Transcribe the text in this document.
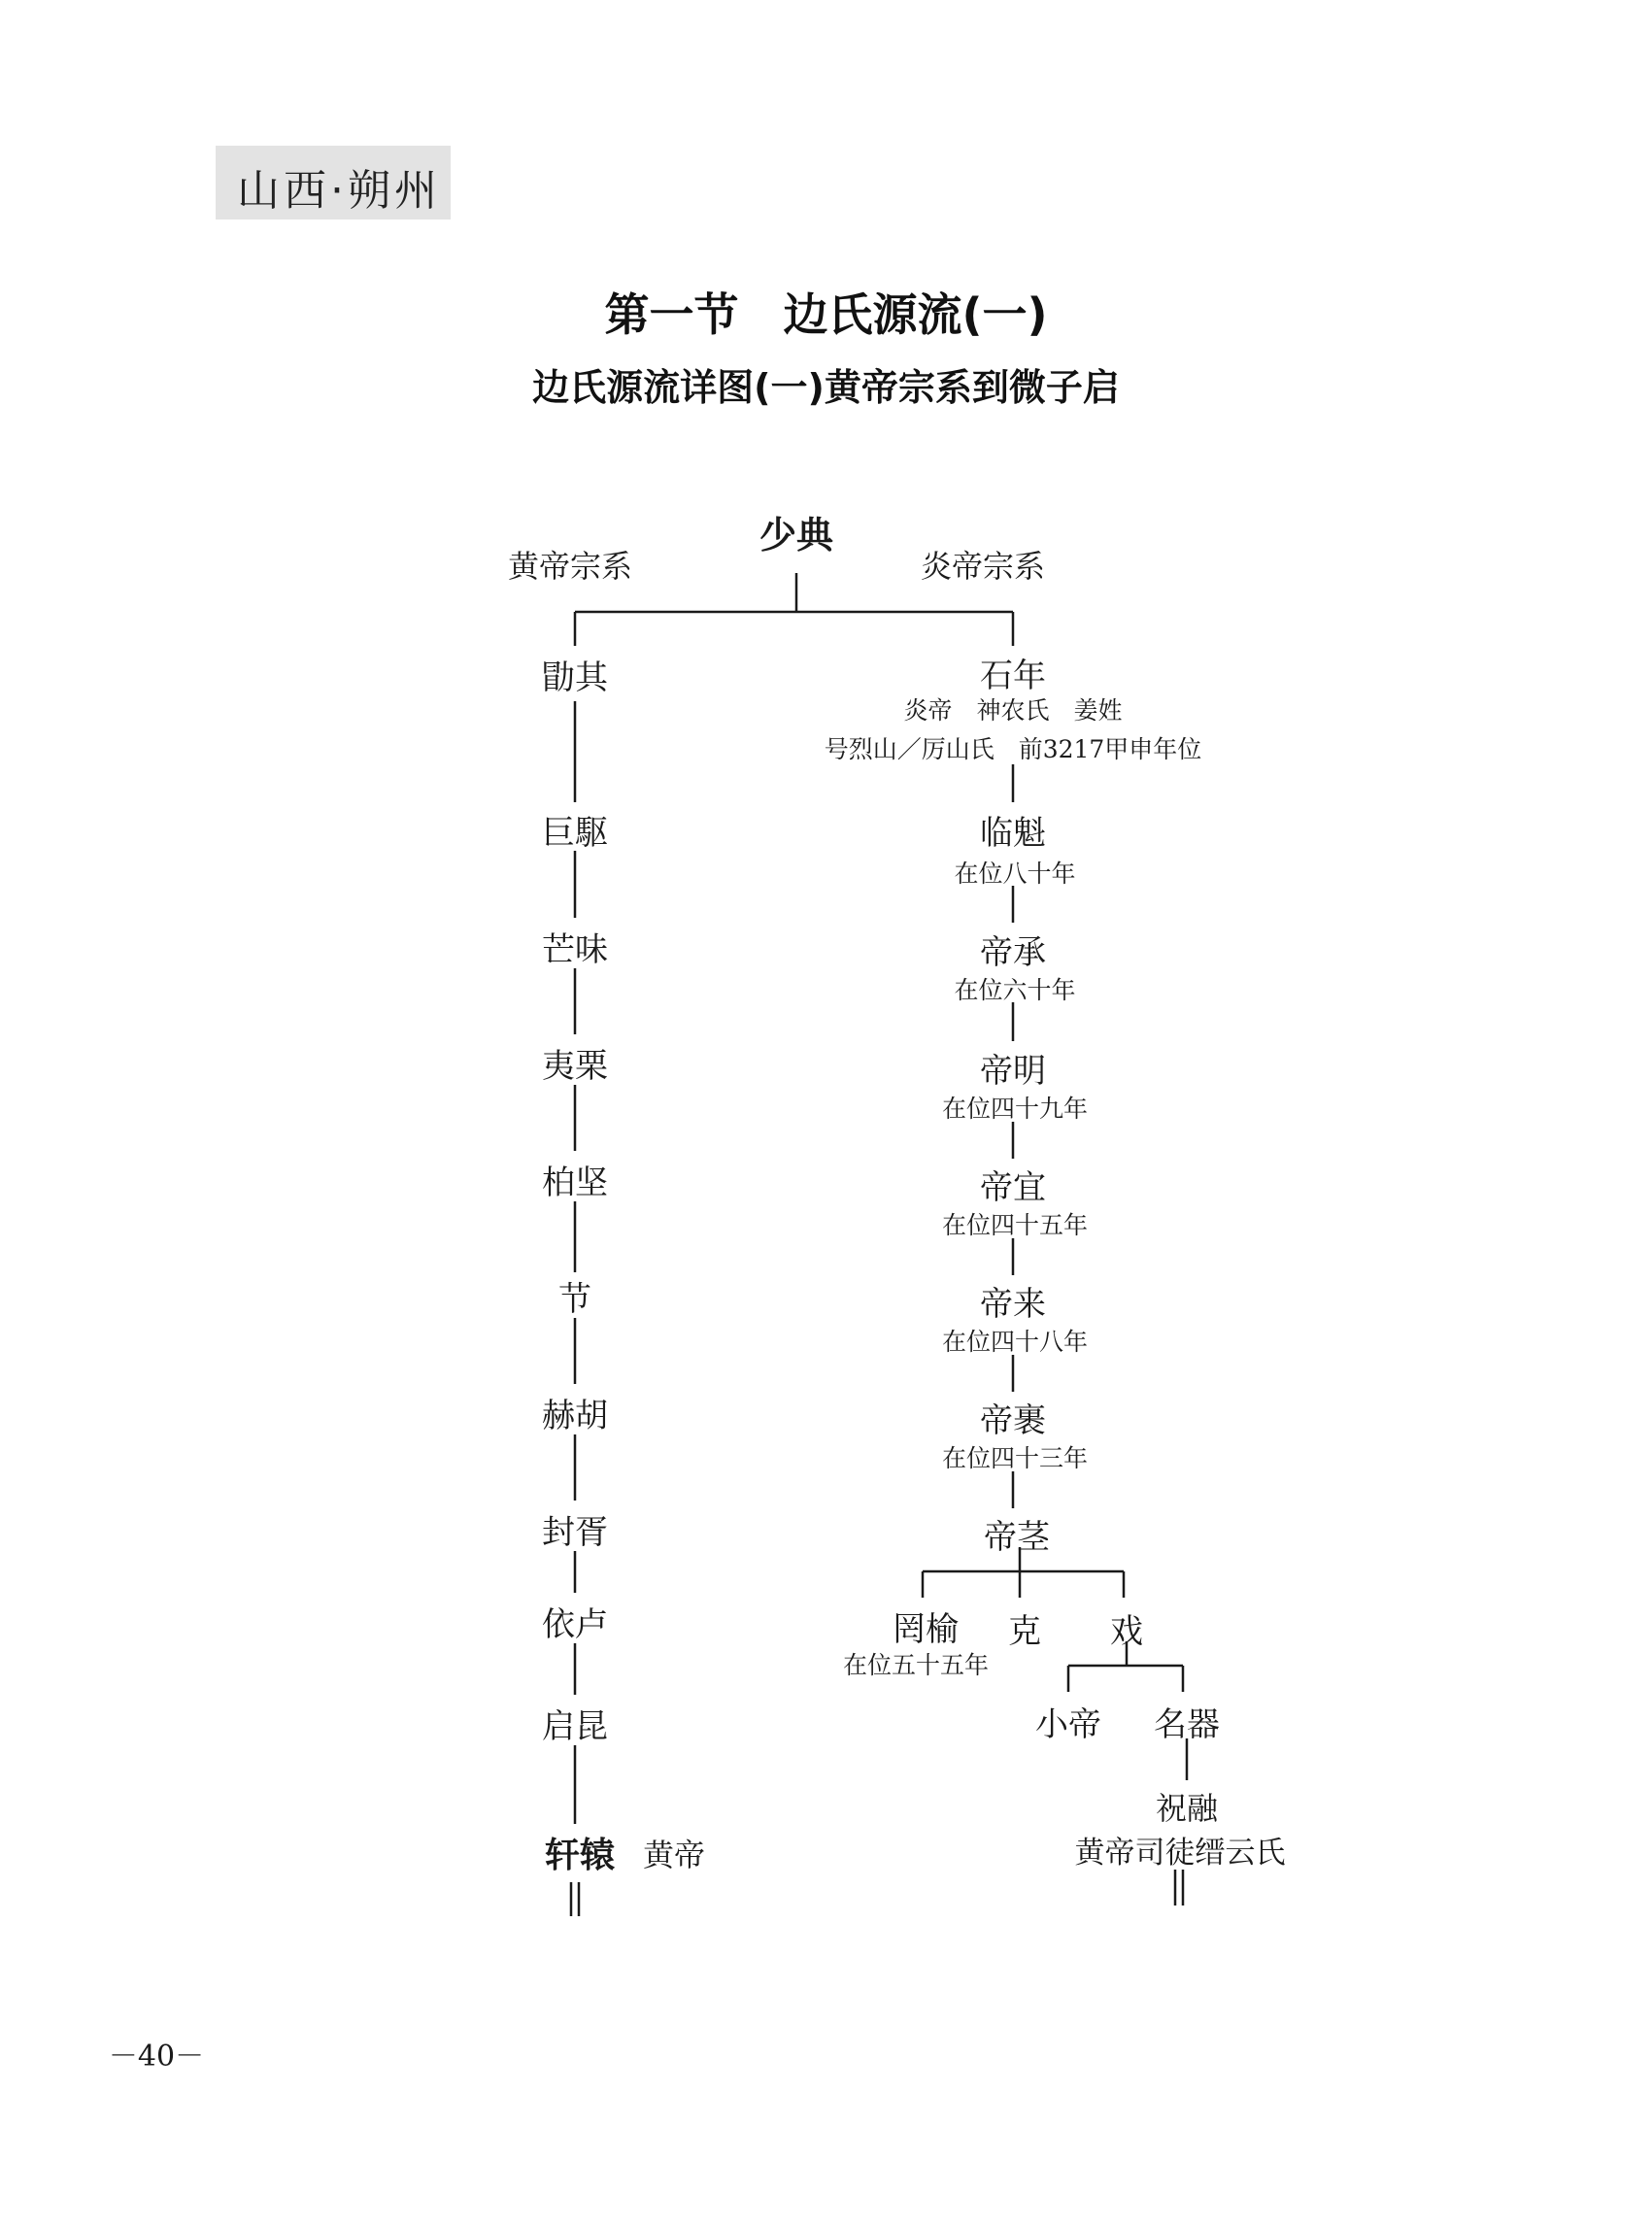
山西·朔州
第一节　边氏源流(一)
边氏源流详图(一)黄帝宗系到微子启
少典
黄帝宗系	炎帝宗系
勖其
巨駆
芒味
夷栗
柏坚
节
赫胡
封胥
依卢
启昆
轩辕 黄帝
石年
炎帝　神农氏　姜姓
号烈山／厉山氏　前3217甲申年位
临魁
在位八十年
帝承
在位六十年
帝明
在位四十九年
帝宜
在位四十五年
帝来
在位四十八年
帝裹
在位四十三年
帝茎
罔榆
在位五十五年
克 戏
小帝 名器
祝融
黄帝司徒缙云氏
－40－
